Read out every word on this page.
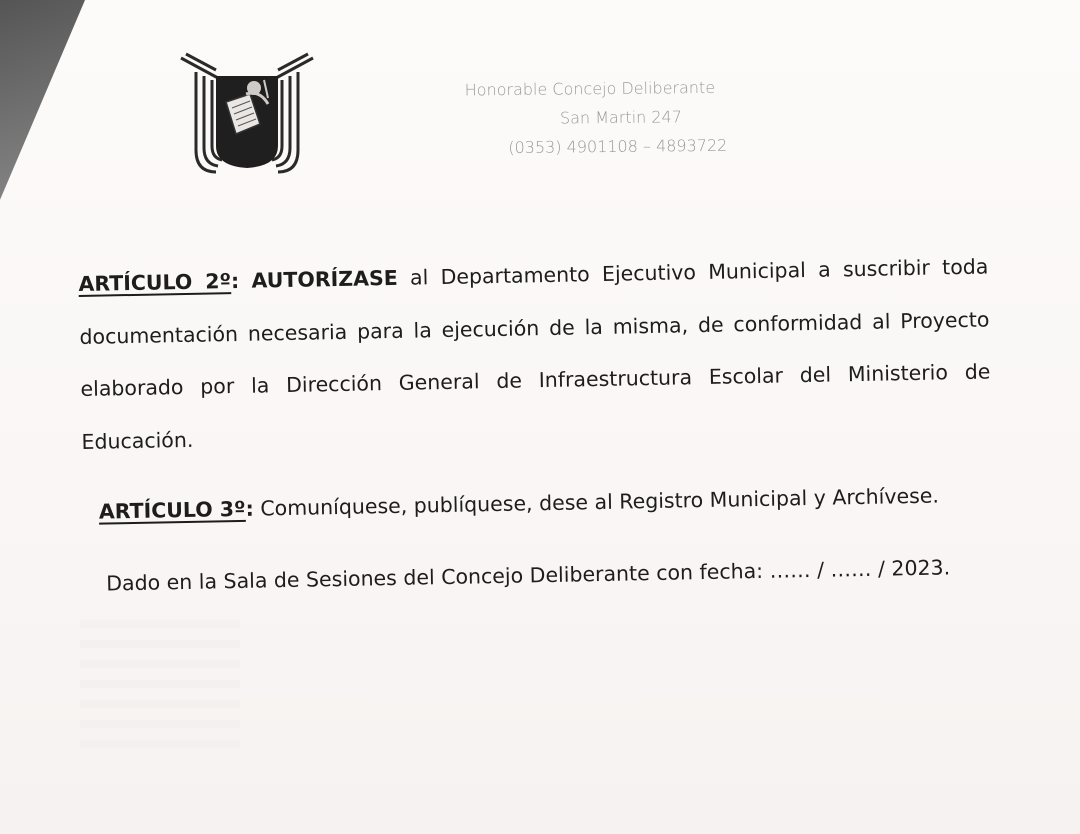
Honorable Concejo Deliberante
San Martin 247
(0353) 4901108 – 4893722
ARTÍCULO 2º: AUTORÍZASE al Departamento Ejecutivo Municipal a suscribir toda documentación necesaria para la ejecución de la misma, de conformidad al Proyecto elaborado por la Dirección General de Infraestructura Escolar del Ministerio de Educación.
ARTÍCULO 3º: Comuníquese, publíquese, dese al Registro Municipal y Archívese.
Dado en la Sala de Sesiones del Concejo Deliberante con fecha: …… / …… / 2023.
